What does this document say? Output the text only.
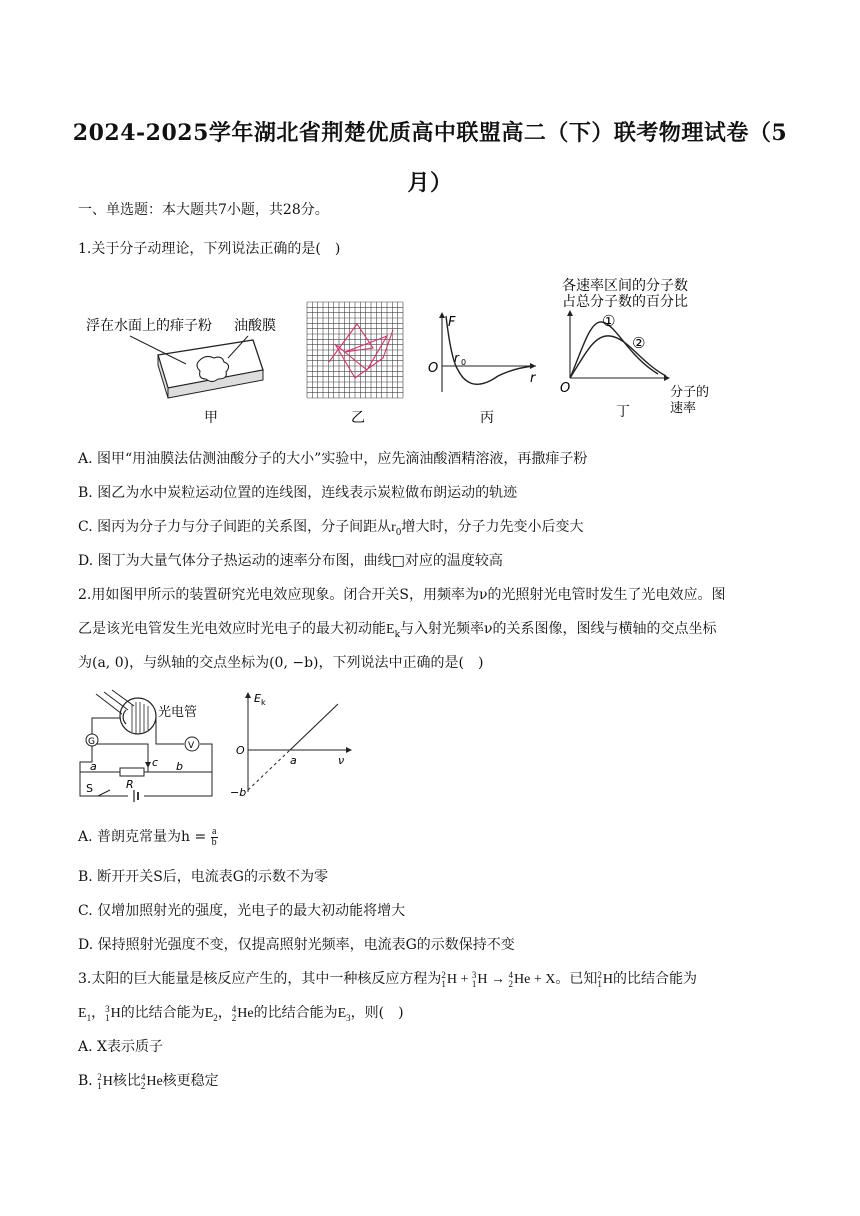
2024-2025学年湖北省荆楚优质高中联盟高二（下）联考物理试卷（5
月）
一、单选题：本大题共7小题，共28分。
1.关于分子动理论，下列说法正确的是(　)
浮在水面上的痱子粉 油酸膜
甲	乙
F
O
r 0
r
丙
各速率区间的分子数
占总分子数的百分比
①
②
O	分子的
速率
丁
A. 图甲“用油膜法估测油酸分子的大小”实验中，应先滴油酸酒精溶液，再撒痱子粉
B. 图乙为水中炭粒运动位置的连线图，连线表示炭粒做布朗运动的轨迹
C. 图丙为分子力与分子间距的关系图，分子间距从$r_0$增大时，分子力先变小后变大
D. 图丁为大量气体分子热运动的速率分布图，曲线□对应的温度较高
2.用如图甲所示的装置研究光电效应现象。闭合开关S，用频率为ν的光照射光电管时发生了光电效应。图
乙是该光电管发生光电效应时光电子的最大初动能$E_k$与入射光频率ν的关系图像，图线与横轴的交点坐标
为(a, 0)，与纵轴的交点坐标为(0, −b)，下列说法中正确的是(　)
光电管
G	V
a	c b
R
S
E k
O
a	ν
−b
A. 普朗克常量为$h = \frac{a}{b}$
B. 断开开关S后，电流表G的示数不为零
C. 仅增加照射光的强度，光电子的最大初动能将增大
D. 保持照射光强度不变，仅提高照射光频率，电流表G的示数保持不变
3.太阳的巨大能量是核反应产生的，其中一种核反应方程为2
1H + 3
1H → 4
2He + X。已知2
1H的比结合能为
$E_1$，3
1H的比结合能为$E_2$，4
2He的比结合能为$E_3$，则(　)
A. X表示质子
B. 2
1H核比4
2He核更稳定
